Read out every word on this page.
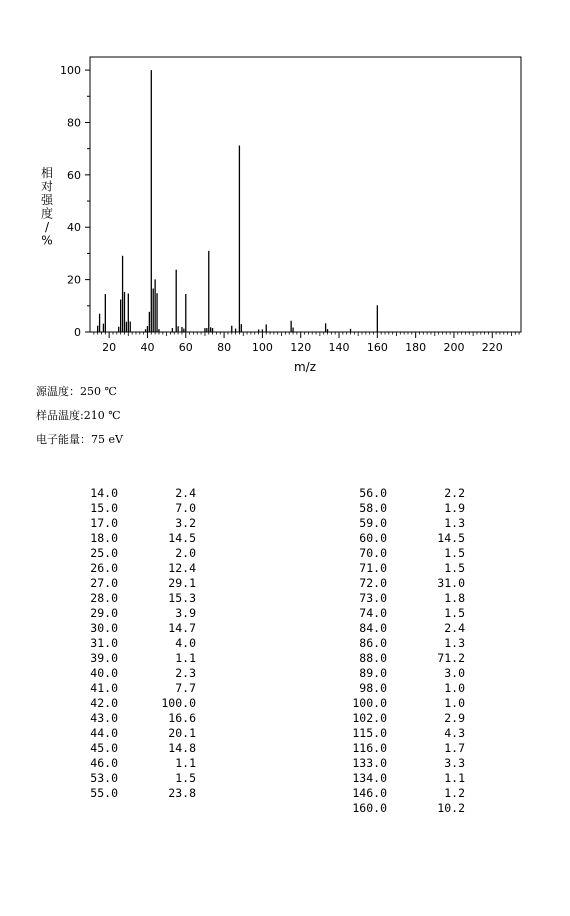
0
20
40
60
80
100
20 40 60 80 100 120 140 160 180 200 220
m/z
相对强度/ %
源温度：250 ℃
样品温度:210 ℃
电子能量：75 eV
14.0	2.4
15.0	7.0
17.0	3.2
18.0	14.5
25.0	2.0
26.0	12.4
27.0	29.1
28.0	15.3
29.0	3.9
30.0	14.7
31.0	4.0
39.0	1.1
40.0	2.3
41.0	7.7
42.0	100.0
43.0	16.6
44.0	20.1
45.0	14.8
46.0	1.1
53.0	1.5
55.0	23.8
56.0	2.2
58.0	1.9
59.0	1.3
60.0	14.5
70.0	1.5
71.0	1.5
72.0	31.0
73.0	1.8
74.0	1.5
84.0	2.4
86.0	1.3
88.0	71.2
89.0	3.0
98.0	1.0
100.0	1.0
102.0	2.9
115.0	4.3
116.0	1.7
133.0	3.3
134.0	1.1
146.0	1.2
160.0	10.2
